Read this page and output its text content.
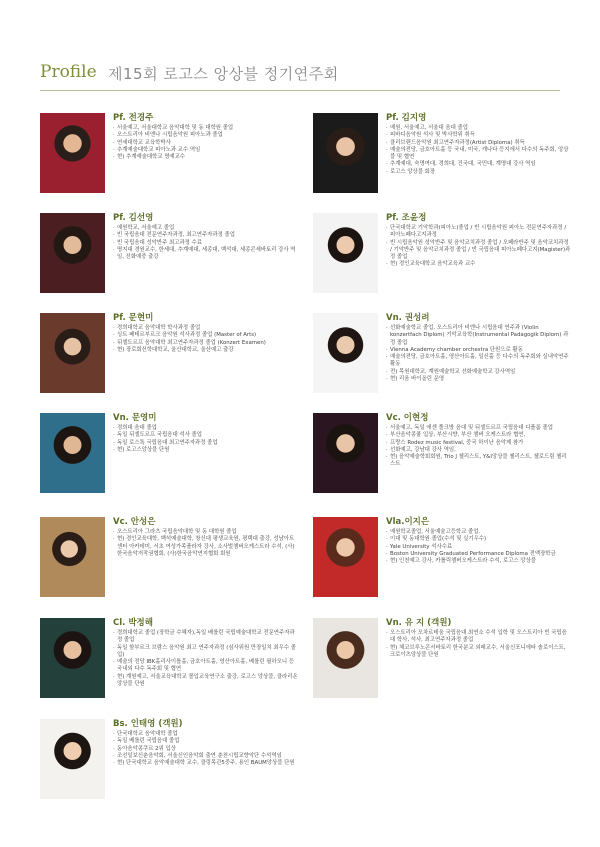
Profile 제15회 로고스 앙상블 정기연주회
Pf. 전경주
· 서울예고, 서울대학교 음악대학 및 동 대학원 졸업
· 오스트리아 비엔나 시립음악원 피아노과 졸업
· 연세대학교 교육학박사
· 추계예술대학교 피아노과 교수 역임
· 현) 추계예술대학교 명예교수
Pf. 김지영
· 예원, 서울예고, 서울대 음대 졸업
· 피바디음악원 석사 및 박사학위 취득
· 클리브랜드음악원 최고연주자과정(Artist Diploma) 취득
· 예술의전당, 금호아트홀 등 국내, 미국, 캐나다 등지에서 다수의 독주회, 앙상블 및 협연
· 추계예대, 숙명여대, 경희대, 건국대, 국민대, 계명대 강사 역임
· 로고스 앙상블 회장
Pf. 김선영
· 예원학교, 서울예고 졸업
· 빈 국립음대 전문연주자과정, 최고연주자과정 졸업
· 빈 국립음대 성악반주 최고과정 수료
· 명지대 경원교수, 한세대, 추계예대, 세종대, 백석대, 세종콘세바토리 강사 역임, 선화예중 출강
Pf. 조윤정
· 단국대학교 기악학과(피아노)졸업 / 빈 시립음악원 피아노 전문연주자과정 / 피아노페다고지과정
· 빈 시립음악원 성악반주 및 음악코치과정 졸업 / 오페라반주 및 음악코치과정 / 기악반주 및 음악코치과정 졸업 / 빈 국립음대 피아노페다고지(Magister)과정 졸업
· 현) 경인교육대학교 음악교육과 교수
Pf. 문현미
· 경희대학교 음악대학 학사과정 졸업
· 싱트 페테르부르크 음악원 석사과정 졸업 (Master of Arts)
· 뒤셀도르프 음악대학 최고연주자과정 졸업 (Konzert Examen)
· 현) 장로회신학대학교, 울산대학교, 울산예고 출강
Vn. 권성려
· 선화예술학교 졸업, 오스트리아 비엔나 시립음대 연주과 (Violin konzertfach Diplom) 기악교육학(Instrumental Padagogik Diplom) 과정 졸업
· Vienna Academy chamber orchestra 단원으로 활동
· 예술의전당, 금호아트홀, 영산아트홀, 일신홀 등 다수의 독주회와 실내악연주 활동
· 전) 목원대학교, 계원예술학교 선화예술학교 강사역임
· 현) 리움 바이올린 운영
Vn. 문영미
· 경희대 음대 졸업
· 독일 뒤셀도르프 국립음대 석사 졸업
· 독일 로스톡 국립음대 최고연주자과정 졸업
· 현) 로고스앙상블 단원
Vc. 이현정
· 서울예고, 독일 에센 폴크방 음대 및 뒤셀도르프 국립음대 디플롬 졸업
· 부산음악콩쿨 입상, 부산시향, 부산 챔버 오케스트라 협연,
· 프랑스 Rodez music festival, 중국 하이난 음악제 참가
· 선화예고, 강남대 강사 역임,
· 현) 음악예술학회회원, Trio J 첼리스트, Y&I앙상블 첼리스트, 첼로드림 첼리스트
Vc. 안성은
· 오스트리아 그라츠 국립음악대학 및 동 대학원 졸업
· 현) 경인교육대학, 백석예술대학, 창신대 평생교육원, 평택대 출강, 성남아트센터 아카데미, 서초 여성가족플라자 강사, 소사벌챔버오케스트라 수석, (사)한국음악저작권협회, (사)한국음악연지협회 회원
Vla.이지은
· 예원학교졸업, 서울예술고등학교 졸업.
· 이대 및 동대학원 졸업(수석 및 실기우수)
· Yale University 석사수료
· Boston University Graduated Performance Diploma 전액장학금
· 현) 인천예고 강사, 카톨릭챔버오케스트라 수석, 로고스 앙상블
Cl. 박정해
· 경희대학교 졸업 (장학금 수혜자),독일 베를린 국립예술대학교 전문연주자과정 졸업
· 독일 함부르크 브람스 음악원 최고 연주자과정 (심사위원 만장일치 최우수 졸업)
· 예술의 전당 IBK홀리사이틀홀, 금호아트홀, 영산아트홀, 베를린 필하모니 등 국내외 다수 독주회 및 협연
· 현) 계원예고, 서울교육대학교 몰입교육연구소 출강, 로고스 앙상블, 클라리온 앙상블 단원
Vn. 유 지 (객원)
· 오스트리아 모차르테움 국립음대 최연소 수석 입학 및 오스트리아 빈 국립음대 학사, 석사, 최고연주자과정 졸업
· 현) 체코브루노콘서바토리 한국분교 외래교수, 서울신포니에타 솔로이스트, 크로이츠앙상블 단원
Bs. 인태영 (객원)
· 단국대학교 음악대학 졸업
· 독일 베를린 국립음대 졸업
· 동아음악콩쿠르 2위 입상
· 조선일보신춘음악회, 서울신인음악회 출연 춘천시립교향악단 수석역임
· 현) 단국대학교 음악예술대학 교수, 클링목관5중주, 용인 BAUM앙상블 단원
